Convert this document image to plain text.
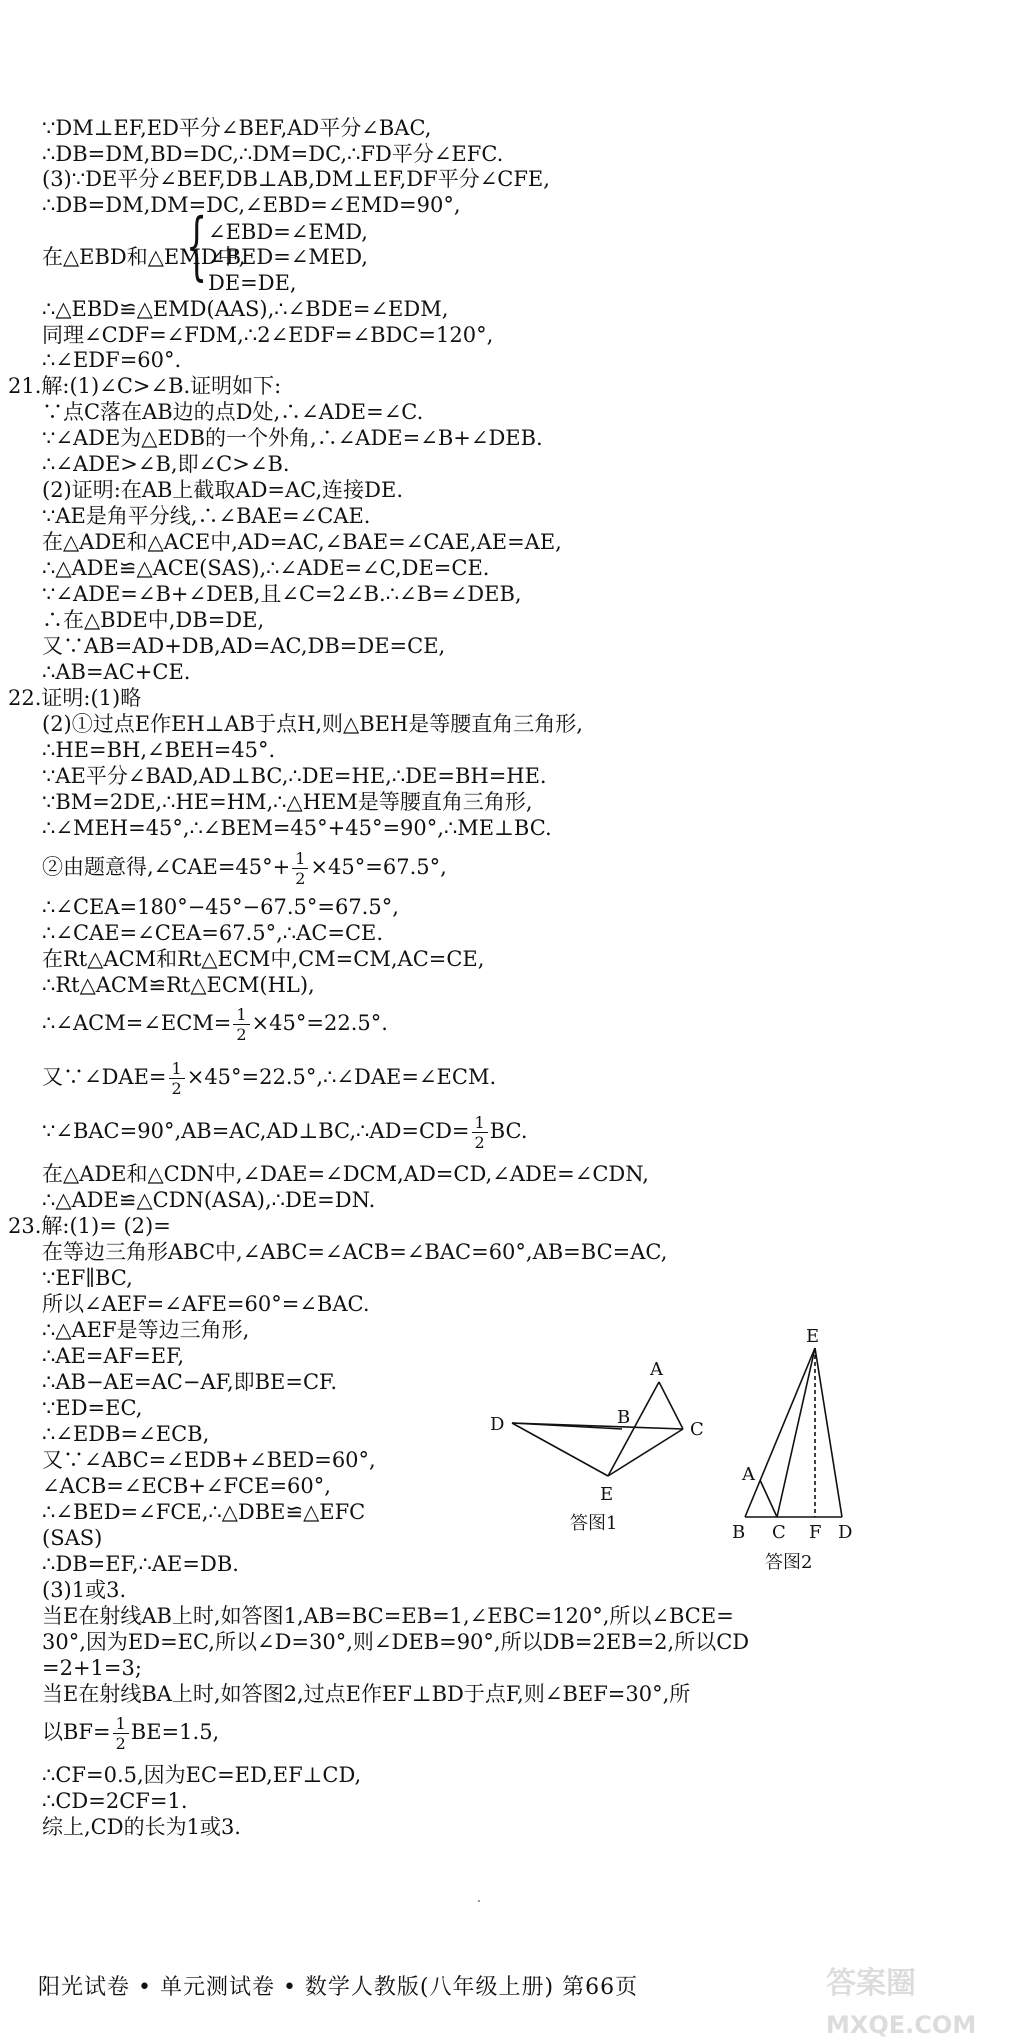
∵DM⊥EF,ED平分∠BEF,AD平分∠BAC,
∴DB=DM,BD=DC,∴DM=DC,∴FD平分∠EFC.
(3)∵DE平分∠BEF,DB⊥AB,DM⊥EF,DF平分∠CFE,
∴DB=DM,DM=DC,∠EBD=∠EMD=90°,
∠EBD=∠EMD,
在△EBD和△EMD中,
{ ∠BED=∠MED,
DE=DE,
∴△EBD≌△EMD(AAS),∴∠BDE=∠EDM,
同理∠CDF=∠FDM,∴2∠EDF=∠BDC=120°,
∴∠EDF=60°.
21.解:(1)∠C>∠B.证明如下:
∵点C落在AB边的点D处,∴∠ADE=∠C.
∵∠ADE为△EDB的一个外角,∴∠ADE=∠B+∠DEB.
∴∠ADE>∠B,即∠C>∠B.
(2)证明:在AB上截取AD=AC,连接DE.
∵AE是角平分线,∴∠BAE=∠CAE.
在△ADE和△ACE中,AD=AC,∠BAE=∠CAE,AE=AE,
∴△ADE≌△ACE(SAS),∴∠ADE=∠C,DE=CE.
∵∠ADE=∠B+∠DEB,且∠C=2∠B.∴∠B=∠DEB,
∴在△BDE中,DB=DE,
又∵AB=AD+DB,AD=AC,DB=DE=CE,
∴AB=AC+CE.
22.证明:(1)略
(2)①过点E作EH⊥AB于点H,则△BEH是等腰直角三角形,
∴HE=BH,∠BEH=45°.
∵AE平分∠BAD,AD⊥BC,∴DE=HE,∴DE=BH=HE.
∵BM=2DE,∴HE=HM,∴△HEM是等腰直角三角形,
∴∠MEH=45°,∴∠BEM=45°+45°=90°,∴ME⊥BC.
②由题意得,∠CAE=45°+ $\frac{1}{2} \times 45^\circ=67.5^\circ$,
∴∠CEA=180°−45°−67.5°=67.5°,
∴∠CAE=∠CEA=67.5°,∴AC=CE.
在Rt△ACM和Rt△ECM中,CM=CM,AC=CE,
∴Rt△ACM≌Rt△ECM(HL),
∴∠ACM=∠ECM= $\frac{1}{2} \times 45^\circ=22.5^\circ$.
又∵∠DAE= $\frac{1}{2}$ ×45°=22.5°,∴∠DAE=∠ECM.
∵∠BAC=90°,AB=AC,AD⊥BC,∴AD=CD= $\frac{1}{2}$ BC.
在△ADE和△CDN中,∠DAE=∠DCM,AD=CD,∠ADE=∠CDN,
∴△ADE≌△CDN(ASA),∴DE=DN.
23.解:(1)= (2)=
在等边三角形ABC中,∠ABC=∠ACB=∠BAC=60°,AB=BC=AC,
∵EF∥BC,
所以∠AEF=∠AFE=60°=∠BAC.
∴△AEF是等边三角形,
∴AE=AF=EF,
∴AB−AE=AC−AF,即BE=CF.
∵ED=EC,
∴∠EDB=∠ECB,
又∵∠ABC=∠EDB+∠BED=60°,
∠ACB=∠ECB+∠FCE=60°,
∴∠BED=∠FCE,∴△DBE≌△EFC
(SAS)
∴DB=EF,∴AE=DB.
(3)1或3.
当E在射线AB上时,如答图1,AB=BC=EB=1,∠EBC=120°,所以∠BCE=
30°,因为ED=EC,所以∠D=30°,则∠DEB=90°,所以DB=2EB=2,所以CD
=2+1=3;
当E在射线BA上时,如答图2,过点E作EF⊥BD于点F,则∠BEF=30°,所
以$BF= \frac{1}{2} BE=1.5$,
∴CF=0.5,因为EC=ED,EF⊥CD,
∴CD=2CF=1.
综上,CD的长为1或3.
A
B
C
D
E
答图1
E
A
B C F D
答图2
阳光试卷 • 单元测试卷 • 数学人教版(八年级上册) 第66页	答案圈
MXQE.COM
